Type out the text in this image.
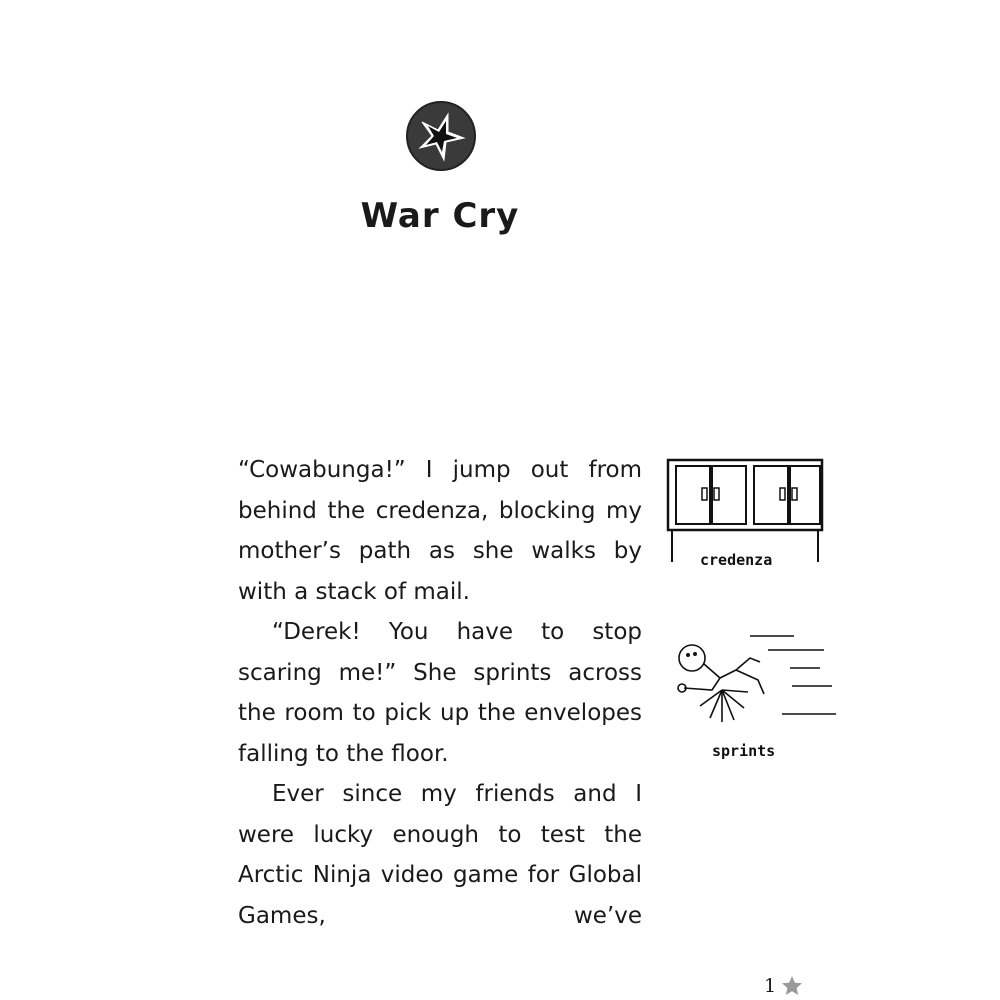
War Cry

“Cowabunga!” I jump out from behind the credenza, blocking my mother’s path as she walks by with a stack of mail.

“Derek! You have to stop scaring me!” She sprints across the room to pick up the envelopes falling to the floor.

Ever since my friends and I were lucky enough to test the Arctic Ninja video game for Global Games, we’ve

credenza
sprints
1
